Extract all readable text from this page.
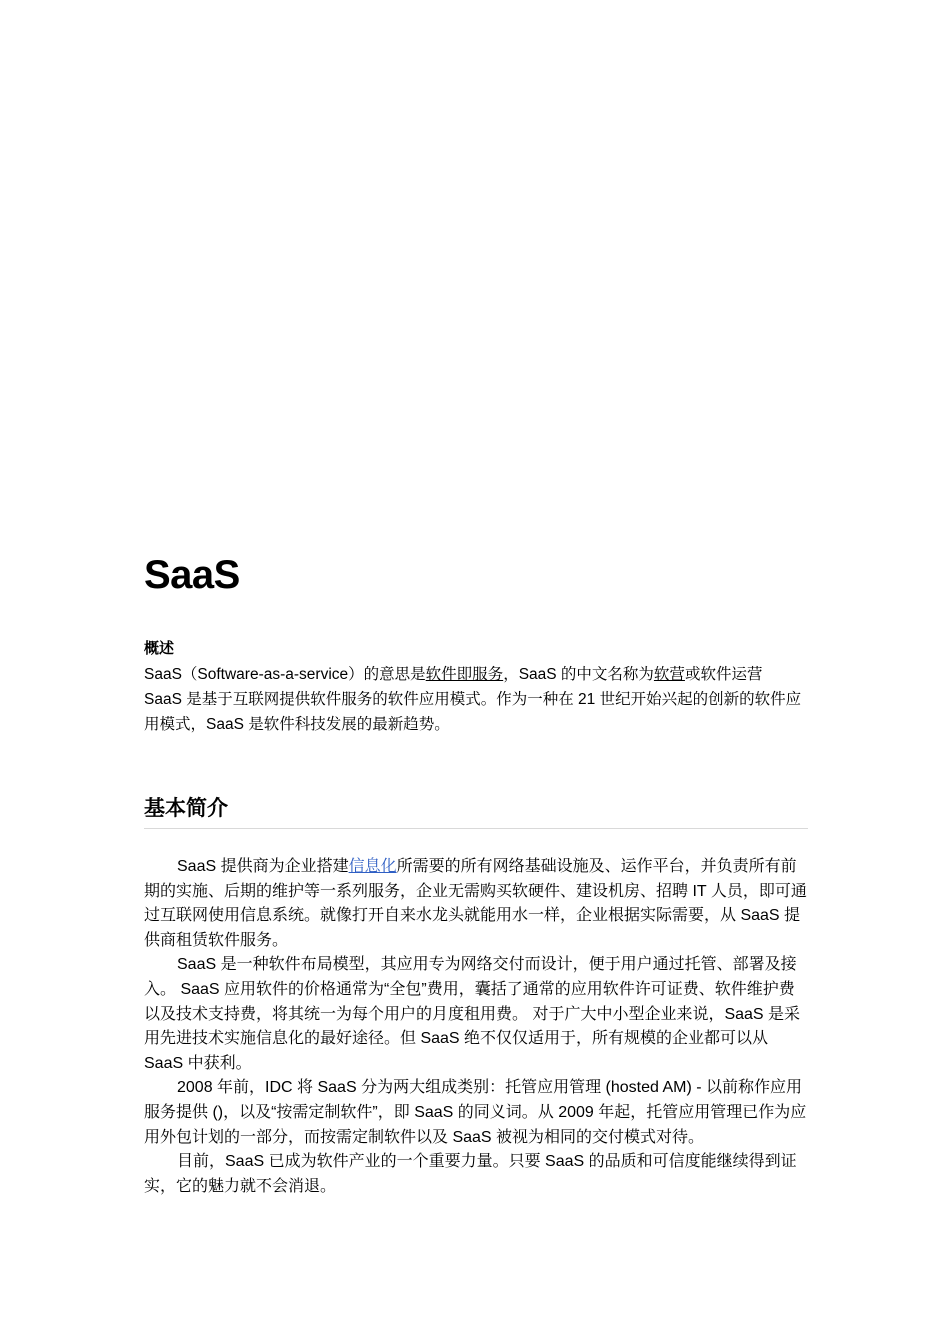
SaaS
概述

SaaS（Software-as-a-service）的意思是软件即服务，SaaS 的中文名称为软营或软件运营

SaaS 是基于互联网提供软件服务的软件应用模式。作为一种在 21 世纪开始兴起的创新的软件应用模式，SaaS 是软件科技发展的最新趋势。

基本简介

SaaS 提供商为企业搭建信息化所需要的所有网络基础设施及、运作平台，并负责所有前期的实施、后期的维护等一系列服务，企业无需购买软硬件、建设机房、招聘 IT 人员，即可通过互联网使用信息系统。就像打开自来水龙头就能用水一样，企业根据实际需要，从 SaaS 提供商租赁软件服务。

SaaS 是一种软件布局模型，其应用专为网络交付而设计，便于用户通过托管、部署及接入。 SaaS 应用软件的价格通常为“全包”费用，囊括了通常的应用软件许可证费、软件维护费以及技术支持费，将其统一为每个用户的月度租用费。 对于广大中小型企业来说，SaaS 是采用先进技术实施信息化的最好途径。但 SaaS 绝不仅仅适用于，所有规模的企业都可以从 SaaS 中获利。

2008 年前，IDC 将 SaaS 分为两大组成类别：托管应用管理 (hosted AM) - 以前称作应用服务提供 ()，以及“按需定制软件”，即 SaaS 的同义词。从 2009 年起，托管应用管理已作为应用外包计划的一部分，而按需定制软件以及 SaaS 被视为相同的交付模式对待。

目前，SaaS 已成为软件产业的一个重要力量。只要 SaaS 的品质和可信度能继续得到证实，它的魅力就不会消退。
